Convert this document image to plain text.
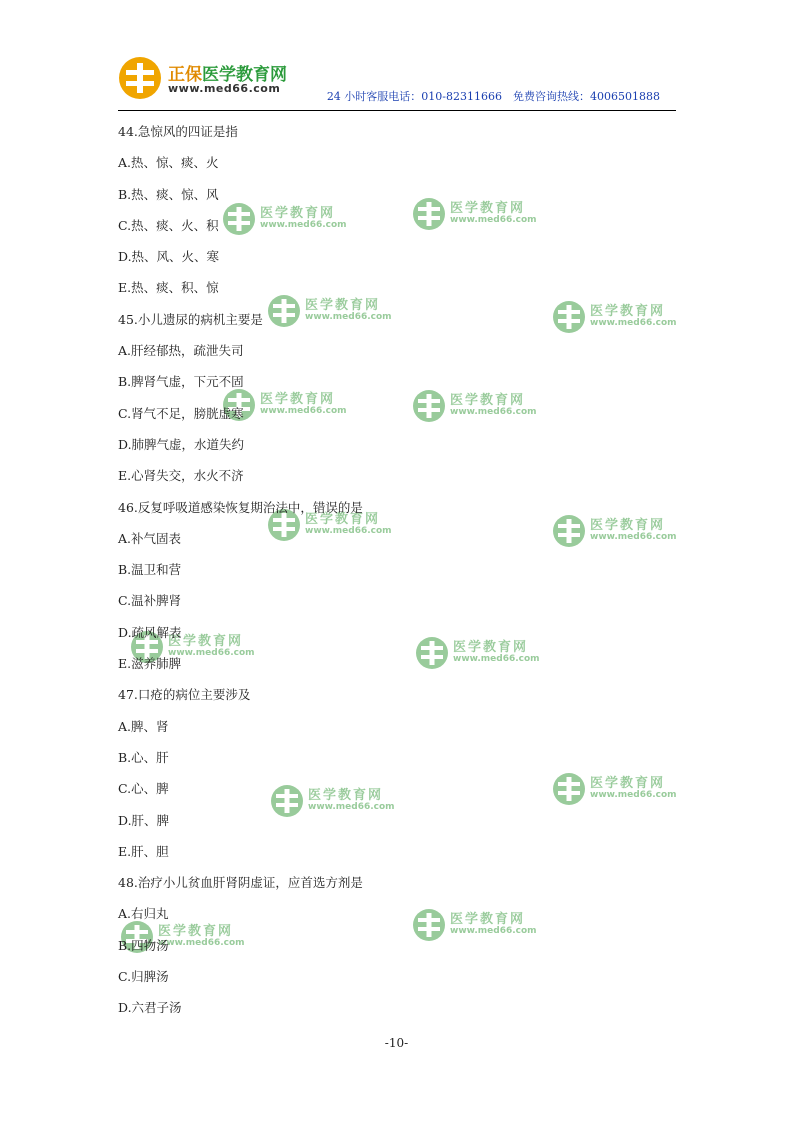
正保医学教育网
www.med66.com
24 小时客服电话：010-82311666　免费咨询热线：4006501888
医学教育网
www.med66.com
医学教育网
www.med66.com
医学教育网
www.med66.com	医学教育网
www.med66.com
医学教育网
www.med66.com
医学教育网
www.med66.com
医学教育网
www.med66.com	医学教育网
www.med66.com
医学教育网
www.med66.com	医学教育网
www.med66.com
医学教育网
www.med66.com
医学教育网
www.med66.com
医学教育网
www.med66.com
医学教育网
www.med66.com
44.急惊风的四证是指
A.热、惊、痰、火
B.热、痰、惊、风
C.热、痰、火、积
D.热、风、火、寒
E.热、痰、积、惊
45.小儿遗尿的病机主要是
A.肝经郁热，疏泄失司
B.脾肾气虚，下元不固
C.肾气不足，膀胱虚寒
D.肺脾气虚，水道失约
E.心肾失交，水火不济
46.反复呼吸道感染恢复期治法中，错误的是
A.补气固表
B.温卫和营
C.温补脾肾
D.疏风解表
E.滋养肺脾
47.口疮的病位主要涉及
A.脾、肾
B.心、肝
C.心、脾
D.肝、脾
E.肝、胆
48.治疗小儿贫血肝肾阴虚证，应首选方剂是
A.右归丸
B.四物汤
C.归脾汤
D.六君子汤
-10-
